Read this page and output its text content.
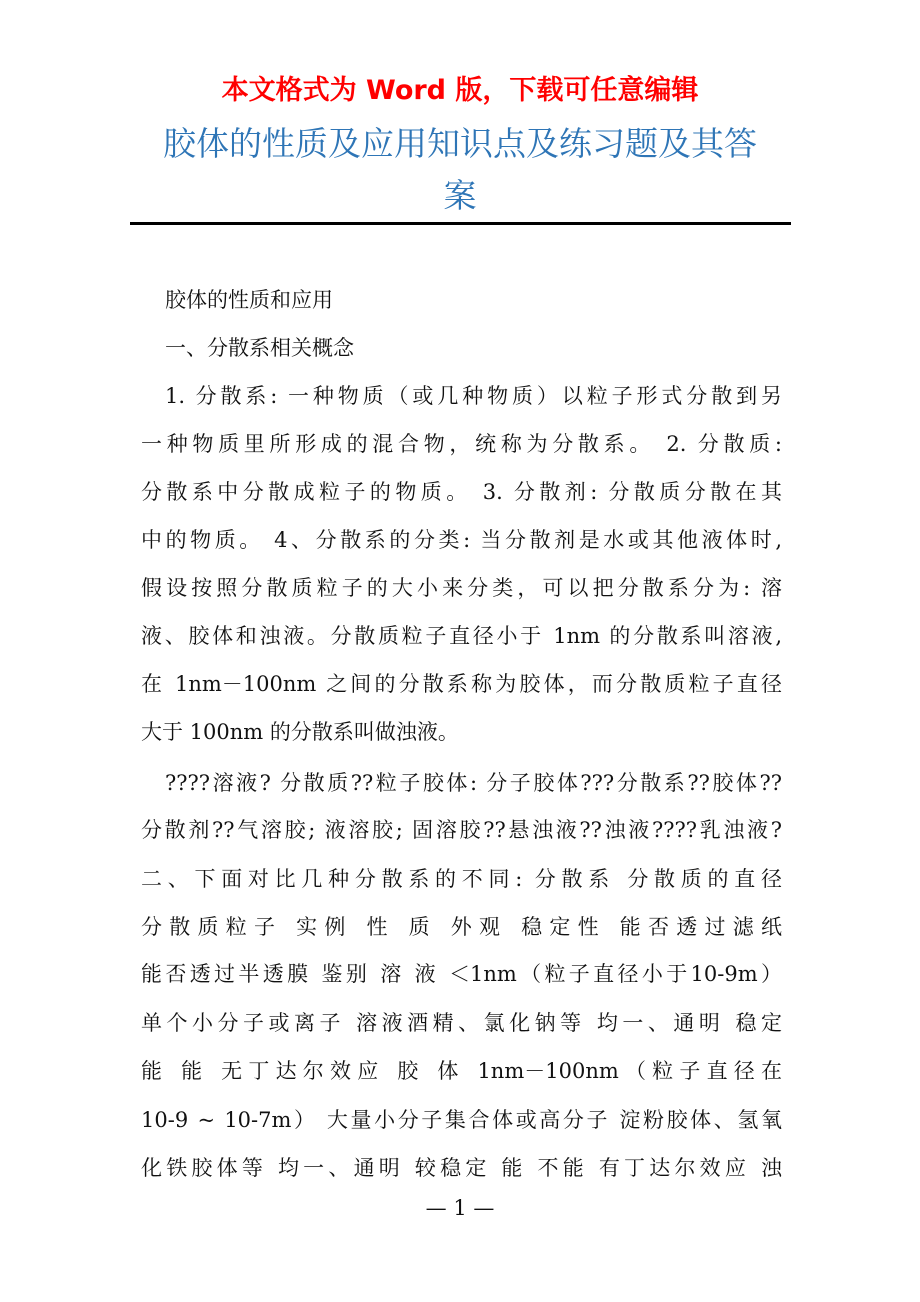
本文格式为 Word 版，下载可任意编辑
胶体的性质及应用知识点及练习题及其答
案
胶体的性质和应用
一、分散系相关概念
1. 分散系: 一种物质（或几种物质）以粒子形式分散到另
一种物质里所形成的混合物，统称为分散系。 2. 分散质:
分散系中分散成粒子的物质。 3. 分散剂: 分散质分散在其
中的物质。 4、分散系的分类: 当分散剂是水或其他液体时,
假设按照分散质粒子的大小来分类，可以把分散系分为: 溶
液、胶体和浊液。分散质粒子直径小于 1nm 的分散系叫溶液,
在 1nm－100nm 之间的分散系称为胶体，而分散质粒子直径
大于 100nm 的分散系叫做浊液。
????溶液? 分散质??粒子胶体: 分子胶体???分散系??胶体??
分散剂??气溶胶; 液溶胶; 固溶胶??悬浊液??浊液????乳浊液?
二、下面对比几种分散系的不同: 分散系 分散质的直径
分散质粒子 实例 性 质 外观 稳定性 能否透过滤纸
能否透过半透膜 鉴别 溶 液 ＜1nm（粒子直径小于10-9m）
单个小分子或离子 溶液酒精、氯化钠等 均一、通明 稳定
能 能 无丁达尔效应 胶 体 1nm－100nm（粒子直径在
10-9 ~ 10-7m） 大量小分子集合体或高分子 淀粉胶体、氢氧
化铁胶体等 均一、通明 较稳定 能 不能 有丁达尔效应 浊
— 1 —
